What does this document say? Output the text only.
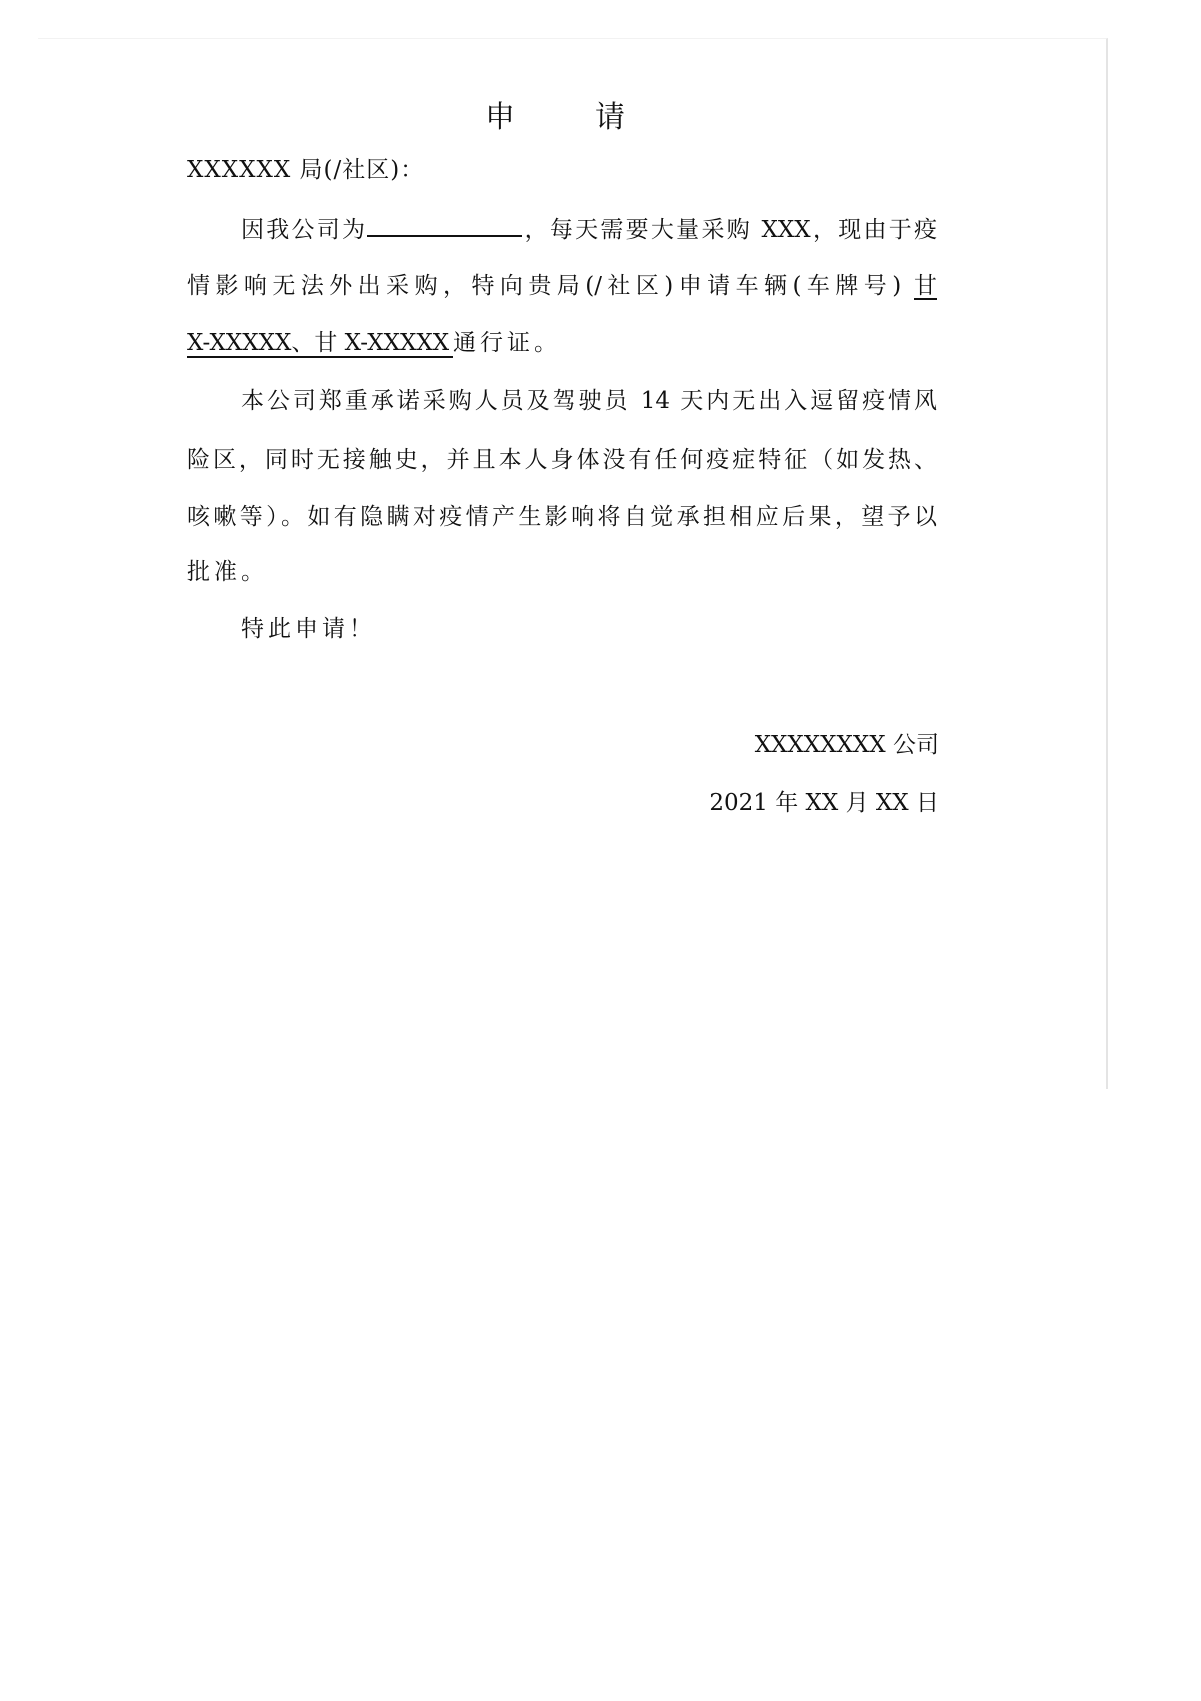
申	请
XXXXXX 局(/社区)：
因我公司为	，每天需要大量采购 XXX，现由于疫
情影响无法外出采购，特向贵局(/社区)申请车辆(车牌号) 甘
X-XXXXX、甘 X-XXXXX　通行证。
本公司郑重承诺采购人员及驾驶员 14 天内无出入逗留疫情风
险区，同时无接触史，并且本人身体没有任何疫症特征（如发热、
咳嗽等）。如有隐瞒对疫情产生影响将自觉承担相应后果，望予以
批准。
特此申请！
XXXXXXXX 公司
2021 年 XX 月 XX 日
